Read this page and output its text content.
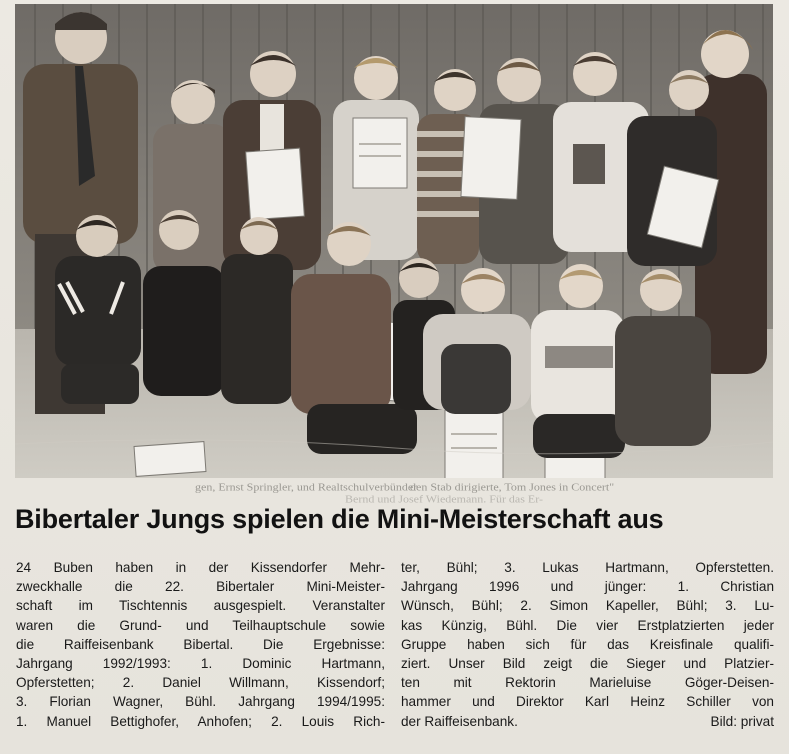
gen, Ernst Springler, und Realtschulverbünder
Bernd und Josef Wiedemann. Für das Er-
den Stab dirigierte, Tom Jones in Concert"
Bibertaler Jungs spielen die Mini-Meisterschaft aus
24 Buben haben in der Kissendorfer Mehr-
zweckhalle die 22. Bibertaler Mini-Meister-
schaft im Tischtennis ausgespielt. Veranstalter
waren die Grund- und Teilhauptschule sowie
die Raiffeisenbank Bibertal. Die Ergebnisse:
Jahrgang 1992/1993: 1. Dominic Hartmann,
Opferstetten; 2. Daniel Willmann, Kissendorf;
3. Florian Wagner, Bühl. Jahrgang 1994/1995:
1. Manuel Bettighofer, Anhofen; 2. Louis Rich-
ter, Bühl; 3. Lukas Hartmann, Opferstetten.
Jahrgang 1996 und jünger: 1. Christian
Wünsch, Bühl; 2. Simon Kapeller, Bühl; 3. Lu-
kas Künzig, Bühl. Die vier Erstplatzierten jeder
Gruppe haben sich für das Kreisfinale qualifi-
ziert. Unser Bild zeigt die Sieger und Platzier-
ten mit Rektorin Marieluise Göger-Deisen-
hammer und Direktor Karl Heinz Schiller von
der Raiffeisenbank.	Bild: privat
